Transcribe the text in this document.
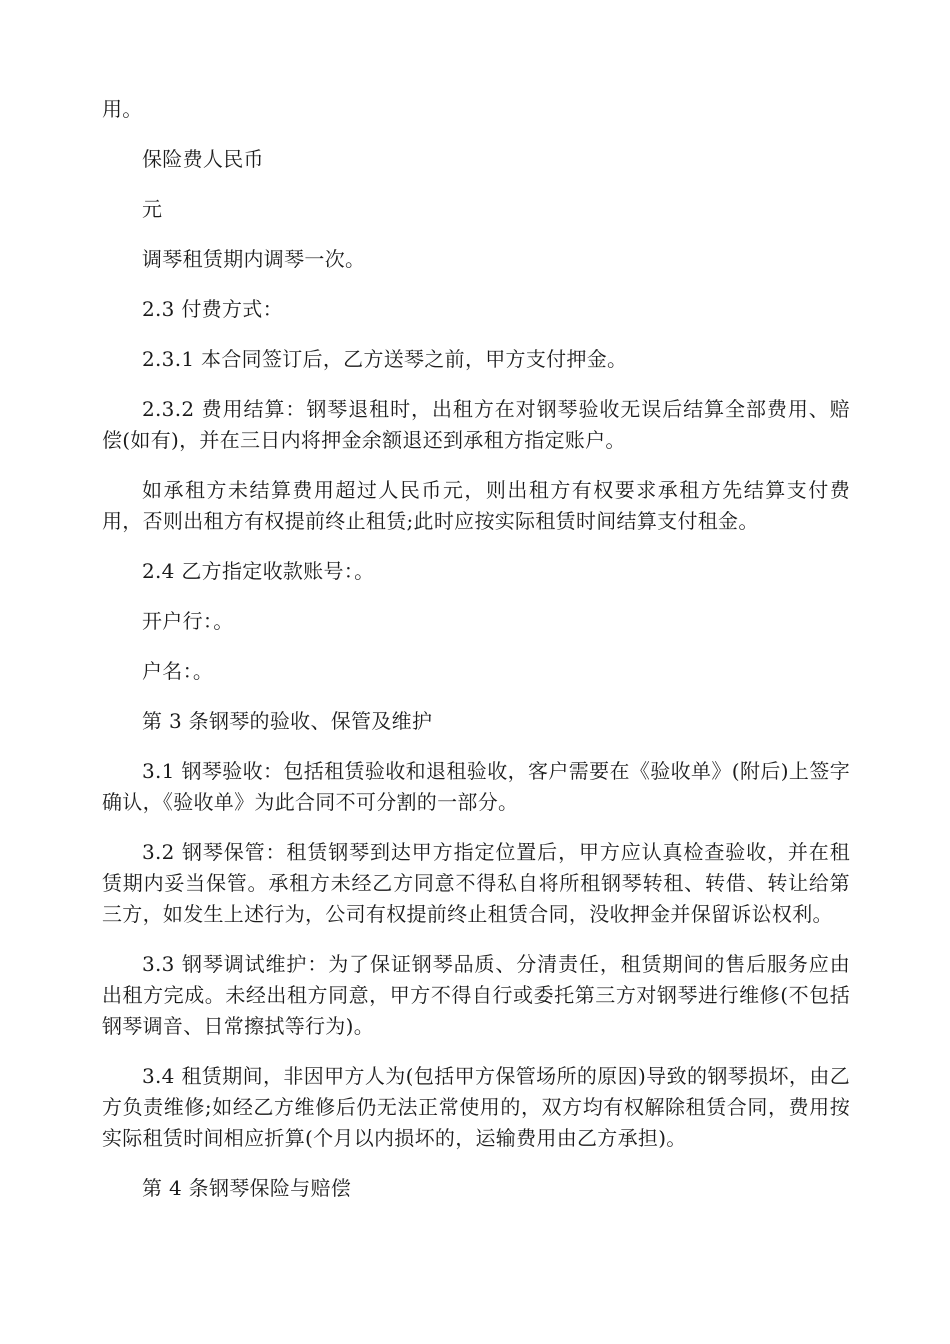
用。

保险费人民币

元

调琴租赁期内调琴一次。

2.3 付费方式：

2.3.1 本合同签订后，乙方送琴之前，甲方支付押金。

2.3.2 费用结算：钢琴退租时，出租方在对钢琴验收无误后结算全部费用、赔偿(如有)，并在三日内将押金余额退还到承租方指定账户。

如承租方未结算费用超过人民币元，则出租方有权要求承租方先结算支付费用，否则出租方有权提前终止租赁;此时应按实际租赁时间结算支付租金。

2.4 乙方指定收款账号：。

开户行：。

户名：。

第 3 条钢琴的验收、保管及维护

3.1 钢琴验收：包括租赁验收和退租验收，客户需要在《验收单》(附后)上签字确认，《验收单》为此合同不可分割的一部分。

3.2 钢琴保管：租赁钢琴到达甲方指定位置后，甲方应认真检查验收，并在租赁期内妥当保管。承租方未经乙方同意不得私自将所租钢琴转租、转借、转让给第三方，如发生上述行为，公司有权提前终止租赁合同，没收押金并保留诉讼权利。

3.3 钢琴调试维护：为了保证钢琴品质、分清责任，租赁期间的售后服务应由出租方完成。未经出租方同意，甲方不得自行或委托第三方对钢琴进行维修(不包括钢琴调音、日常擦拭等行为)。

3.4 租赁期间，非因甲方人为(包括甲方保管场所的原因)导致的钢琴损坏，由乙方负责维修;如经乙方维修后仍无法正常使用的，双方均有权解除租赁合同，费用按实际租赁时间相应折算(个月以内损坏的，运输费用由乙方承担)。

第 4 条钢琴保险与赔偿
